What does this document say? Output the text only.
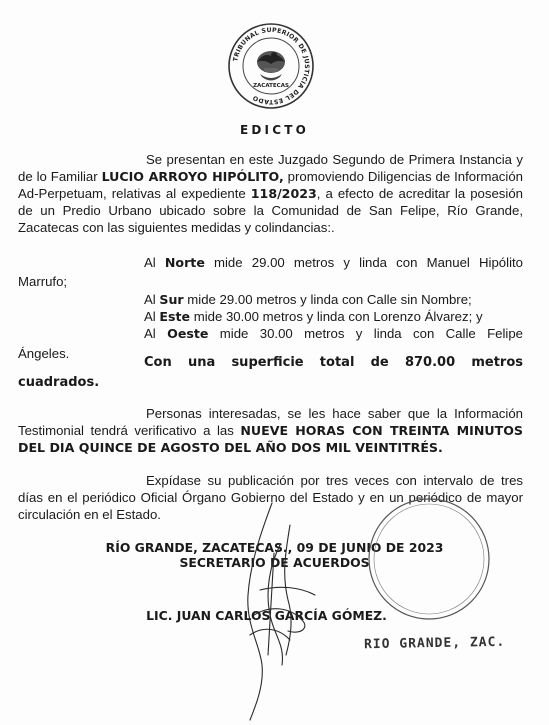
TRIBUNAL SUPERIOR DE JUSTICIA DEL ESTADO
ZACATECAS
EDICTO

Se presentan en este Juzgado Segundo de Primera Instancia y de lo Familiar LUCIO ARROYO HIPÓLITO, promoviendo Diligencias de Información Ad-Perpetuam, relativas al expediente 118/2023, a efecto de acreditar la posesión de un Predio Urbano ubicado sobre la Comunidad de San Felipe, Río Grande, Zacatecas con las siguientes medidas y colindancias:.

Al Norte mide 29.00 metros y linda con Manuel Hipólito
Marrufo;
Al Sur mide 29.00 metros y linda con Calle sin Nombre;
Al Este mide 30.00 metros y linda con Lorenzo Álvarez; y
Al Oeste mide 30.00 metros y linda con Calle Felipe
Ángeles.
Con una superficie total de 870.00 metros
cuadrados.

Personas interesadas, se les hace saber que la Información Testimonial tendrá verificativo a las NUEVE HORAS CON TREINTA MINUTOS DEL DIA QUINCE DE AGOSTO DEL AÑO DOS MIL VEINTITRÉS.

Expídase su publicación por tres veces con intervalo de tres días en el periódico Oficial Órgano Gobierno del Estado y en un periódico de mayor circulación en el Estado.

RÍO GRANDE, ZACATECAS., 09 DE JUNIO DE 2023
SECRETARIO DE ACUERDOS
LIC. JUAN CARLOS GARCÍA GÓMEZ.
RIO GRANDE, ZAC.
